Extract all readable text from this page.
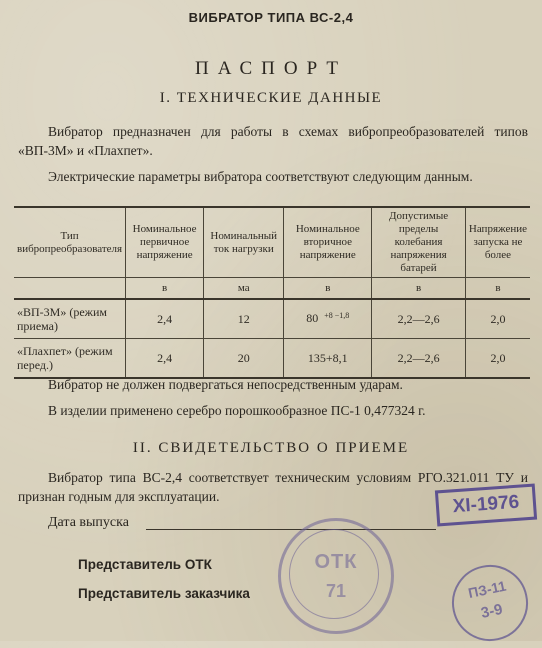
ВИБРАТОР ТИПА ВС-2,4
ПАСПОРТ
I. ТЕХНИЧЕСКИЕ ДАННЫЕ
Вибратор предназначен для работы в схемах вибропреобразователей типов «ВП-3М» и «Плахпет».
Электрические параметры вибратора соответствуют следующим данным.
Тип вибропреобразователя	Номинальное первичное напряжение	Номинальный ток нагрузки	Номинальное вторичное напряжение	Допустимые пределы колебания напряжения батарей	Напряжение запуска не более
	в	ма	в	в	в
«ВП-3М» (режим приема)	2,4	12	80 $^{+8 -1,8}$	2,2—2,6	2,0
«Плахпет» (режим перед.)	2,4	20	135+8,1	2,2—2,6	2,0
Вибратор не должен подвергаться непосредственным ударам.
В изделии применено серебро порошкообразное ПС-1 0,477324 г.
II. СВИДЕТЕЛЬСТВО О ПРИЕМЕ
Вибратор типа ВС-2,4 соответствует техническим условиям РГО.321.011 ТУ и признан годным для эксплуатации.
Дата выпуска
Представитель ОТК
Представитель заказчика
XI-1976
ОТК
71	ПЗ-11
3-9
